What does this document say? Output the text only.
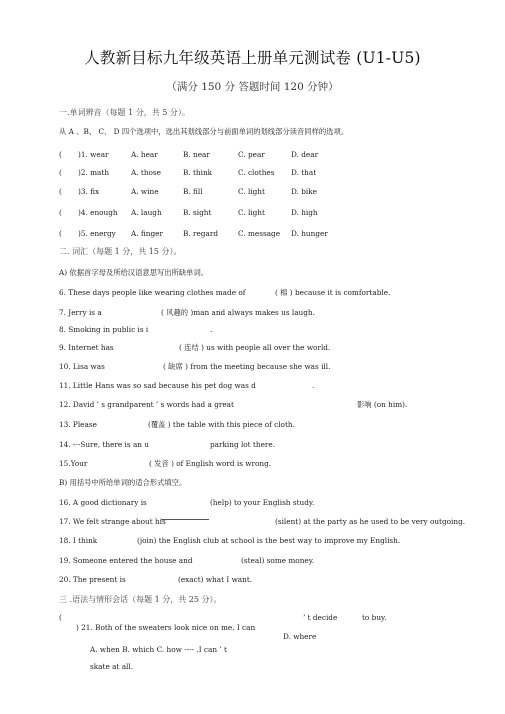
人教新目标九年级英语上册单元测试卷 (U1-U5)
（满分 150 分 答题时间 120 分钟）
一.单词辨音（每题 1 分，共 5 分）。
从 A 、B、 C、 D 四个选项中，选出其划线部分与前面单词的划线部分读音同样的选项。
( )1. wear	A. hear	B. near	C. pear	D. dear
( )2. math	A. those	B. think	C. clothes D. that
( )3. fix	A. wine	B. fill	C. light	D. bike
( )4. enough A. laugh	B. sight	C. light	D. high
( )5. energy A. finger	B. regard	C. message D. hunger
二. 词汇（每题 1 分，共 15 分）。
A) 依据首字母及所给汉语意思写出所缺单词。
6. These days people like wearing clothes made of	( 棉 ) because it is comfortable.
7. Jerry is a	( 风趣的 )man and always makes us laugh.
8. Smoking in public is i	.
9. Internet has	( 连结 ) us with people all over the world.
10. Lisa was	( 缺席 ) from the meeting because she was ill.
11. Little Hans was so sad because his pet dog was d	.
12. David ’ s grandparent ’ s words had a great	影响 (on him).
13. Please	(覆盖 ) the table with this piece of cloth.
14. ---Sure, there is an u	parking lot there.
15.Your	( 发音 ) of English word is wrong.
B) 用括号中所给单词的适合形式填空。
16. A good dictionary is	(help) to your English study.
17. We felt strange about his	(silent) at the party as he used to be very outgoing.
18. I think	(join) the English club at school is the best way to improve my English.
19. Someone entered the house and	(steal) some money.
20. The present is	(exact) what I want.
三 .语法与情形会话（每题 1 分，共 25 分）。
(	’ t decide	to buy.
) 21. Both of the sweaters look nice on me. I can
D. where
A. when B. which C. how ---- .I can ’ t
skate at all.
